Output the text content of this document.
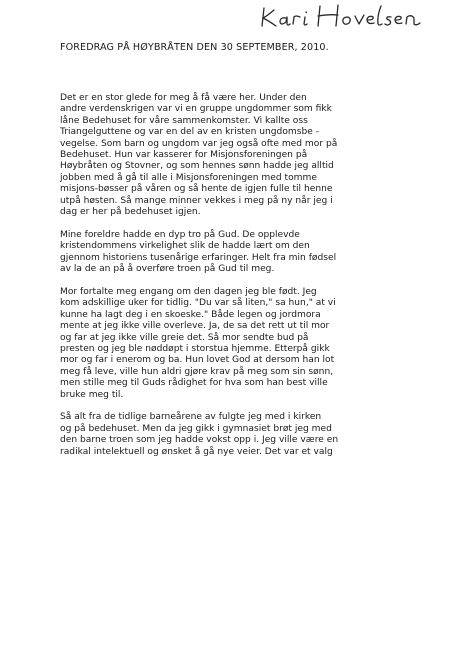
FOREDRAG PÅ HØYBRÅTEN DEN 30 SEPTEMBER, 2010.

Det er en stor glede for meg å få være her. Under den
andre verdenskrigen var vi en gruppe ungdommer som fikk
låne Bedehuset for våre sammenkomster. Vi kallte oss
Triangelguttene og var en del av en kristen ungdomsbe -
vegelse. Som barn og ungdom var jeg også ofte med mor på
Bedehuset. Hun var kasserer for Misjonsforeningen på
Høybråten og Stovner, og som hennes sønn hadde jeg alltid
jobben med å gå til alle i Misjonsforeningen med tomme
misjons-bøsser på våren og så hente de igjen fulle til henne
utpå høsten. Så mange minner vekkes i meg på ny når jeg i
dag er her på bedehuset igjen.

Mine foreldre hadde en dyp tro på Gud. De opplevde
kristendommens virkelighet slik de hadde lært om den
gjennom historiens tusenårige erfaringer. Helt fra min fødsel
av la de an på å overføre troen på Gud til meg.

Mor fortalte meg engang om den dagen jeg ble født. Jeg
kom adskillige uker for tidlig. "Du var så liten," sa hun," at vi
kunne ha lagt deg i en skoeske." Både legen og jordmora
mente at jeg ikke ville overleve. Ja, de sa det rett ut til mor
og far at jeg ikke ville greie det. Så mor sendte bud på
presten og jeg ble nøddøpt i storstua hjemme. Etterpå gikk
mor og far i enerom og ba. Hun lovet God at dersom han lot
meg få leve, ville hun aldri gjøre krav på meg som sin sønn,
men stille meg til Guds rådighet for hva som han best ville
bruke meg til.

Så alt fra de tidlige barneårene av fulgte jeg med i kirken
og på bedehuset. Men da jeg gikk i gymnasiet brøt jeg med
den barne troen som jeg hadde vokst opp i. Jeg ville være en
radikal intelektuell og ønsket å gå nye veier. Det var et valg
